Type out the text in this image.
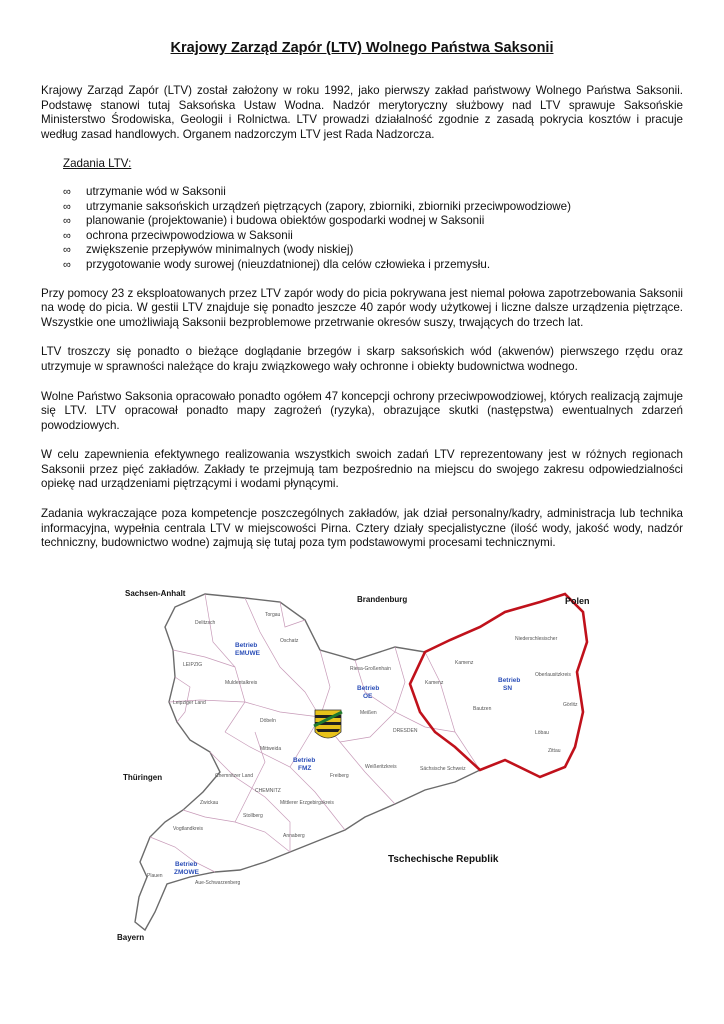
Krajowy Zarząd Zapór (LTV) Wolnego Państwa Saksonii

Krajowy Zarząd Zapór (LTV) został założony w roku 1992, jako pierwszy zakład państwowy Wolnego Państwa Saksonii. Podstawę stanowi tutaj Saksońska Ustaw Wodna. Nadzór merytoryczny służbowy nad LTV sprawuje Saksońskie Ministerstwo Środowiska, Geologii i Rolnictwa. LTV prowadzi działalność zgodnie z zasadą pokrycia kosztów i pracuje według zasad handlowych. Organem nadzorczym LTV jest Rada Nadzorcza.

Zadania LTV:
∞ utrzymanie wód w Saksonii
∞ utrzymanie saksońskich urządzeń piętrzących (zapory, zbiorniki, zbiorniki przeciwpowodziowe)
∞ planowanie (projektowanie) i budowa obiektów gospodarki wodnej w Saksonii
∞ ochrona przeciwpowodziowa w Saksonii
∞ zwiększenie przepływów minimalnych (wody niskiej)
∞ przygotowanie wody surowej (nieuzdatnionej) dla celów człowieka i przemysłu.

Przy pomocy 23 z eksploatowanych przez LTV zapór wody do picia pokrywana jest niemal połowa zapotrzebowania Saksonii na wodę do picia. W gestii LTV znajduje się ponadto jeszcze 40 zapór wody użytkowej i liczne dalsze urządzenia piętrzące. Wszystkie one umożliwiają Saksonii bezproblemowe przetrwanie okresów suszy, trwających do trzech lat.

LTV troszczy się ponadto o bieżące doglądanie brzegów i skarp saksońskich wód (akwenów) pierwszego rzędu oraz utrzymuje w sprawności należące do kraju związkowego wały ochronne i obiekty budownictwa wodnego.

Wolne Państwo Saksonia opracowało ponadto ogółem 47 koncepcji ochrony przeciwpowodziowej, których realizacją zajmuje się LTV. LTV opracował ponadto mapy zagrożeń (ryzyka), obrazujące skutki (następstwa) ewentualnych zdarzeń powodziowych.

W celu zapewnienia efektywnego realizowania wszystkich swoich zadań LTV reprezentowany jest w różnych regionach Saksonii przez pięć zakładów. Zakłady te przejmują tam bezpośrednio na miejscu do swojego zakresu odpowiedzialności opiekę nad urządzeniami piętrzącymi i wodami płynącymi.

Zadania wykraczające poza kompetencje poszczególnych zakładów, jak dział personalny/kadry, administracja lub technika informacyjna, wypełnia centrala LTV w miejscowości Pirna. Cztery działy specjalistyczne (ilość wody, jakość wody, nadzór techniczny, budownictwo wodne) zajmują się tutaj poza tym podstawowymi procesami technicznymi.

Sachsen-Anhalt
Brandenburg	Polen
Thüringen
Bayern
Tschechische Republik
Betrieb
EMUWE
Betrieb
OE
Betrieb
SN
Betrieb
FMZ
Betrieb
ZMOWE
Delitzsch
Torgau
Oschatz
LEIPZIG
Muldentalkreis
Leipziger Land
Riesa-Großenhain
Kamenz
Niederschlesischer
Oberlausitzkreis
Bautzen
Görlitz
Löbau
Zittau
Meißen
DRESDEN
Döbeln
Mittweida
Weißeritzkreis	Sächsische Schweiz
Freiberg
CHEMNITZ
Chemnitzer Land
Zwickau
Stollberg
Mittlerer Erzgebirgskreis
Annaberg
Aue-Schwarzenberg
Vogtlandkreis
Plauen
Kamenz
